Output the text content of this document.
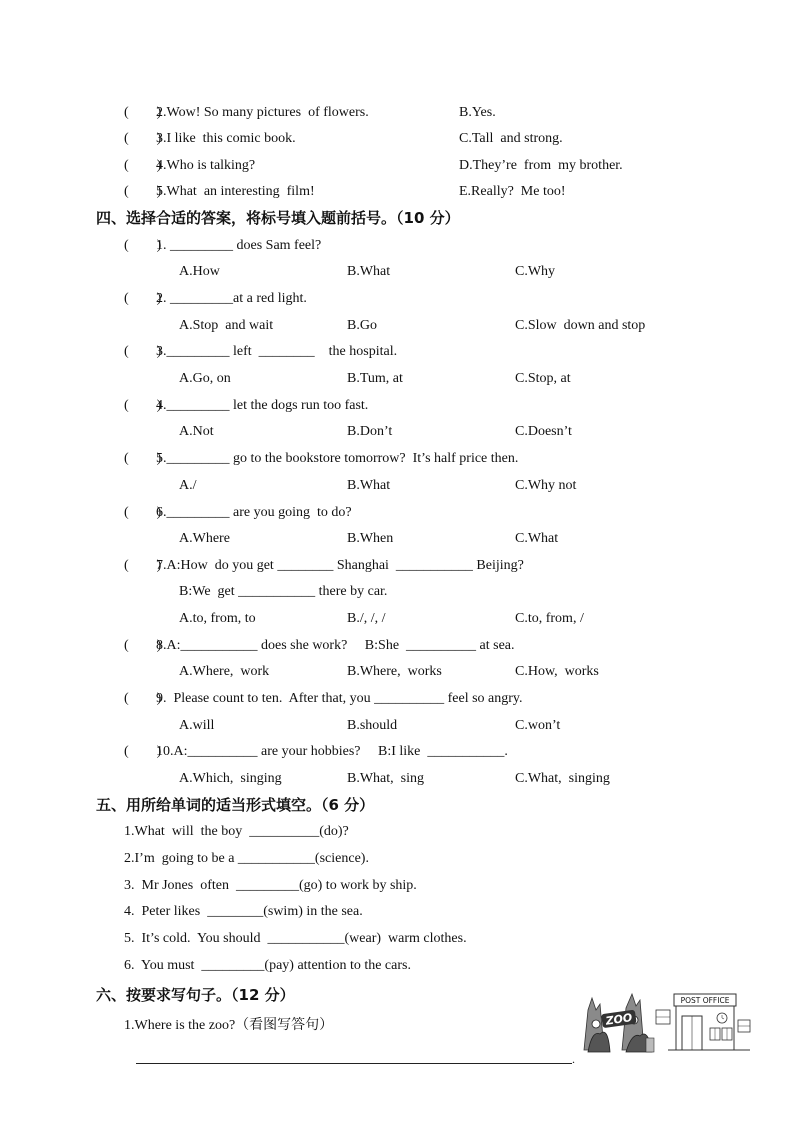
(        )
2.Wow! So many pictures  of flowers.	B.Yes.
(        )
3.I like  this comic book.	C.Tall  and strong.
(        )
4.Who is talking?	D.They’re  from  my brother.
(        )
5.What  an interesting  film!	E.Really?  Me too!
四、选择合适的答案，将标号填入题前括号。（10 分）
(        )
1. _________ does Sam feel?
A.How	B.What	C.Why
(        )
2. _________at a red light.
A.Stop  and wait	B.Go	C.Slow  down and stop
(        )
3._________ left  ________    the hospital.
A.Go, on	B.Tum, at	C.Stop, at
(        )
4._________ let the dogs run too fast.
A.Not	B.Don’t	C.Doesn’t
(        )
5._________ go to the bookstore tomorrow?  It’s half price then.
A./	B.What	C.Why not
(        )
6._________ are you going  to do?
A.Where	B.When	C.What
(        )
7.A:How  do you get ________ Shanghai  ___________ Beijing?
B:We  get ___________ there by car.
A.to, from, to	B./, /, /	C.to, from, /
(        )
8.A:___________ does she work?     B:She  __________ at sea.
A.Where,  work	B.Where,  works	C.How,  works
(        )
9.  Please count to ten.  After that, you __________ feel so angry.
A.will	B.should	C.won’t
(        )
10.A:__________ are your hobbies?     B:I like  ___________.
A.Which,  singing	B.What,  sing	C.What,  singing
五、用所给单词的适当形式填空。（6 分）
1.What  will  the boy  __________(do)?
2.I’m  going to be a ___________(science).
3.  Mr Jones  often  _________(go) to work by ship.
4.  Peter likes  ________(swim) in the sea.
5.  It’s cold.  You should  ___________(wear)  warm clothes.
6.  You must  _________(pay) attention to the cars.
六、按要求写句子。（12 分）
1.Where is the zoo?（看图写答句）
.
ZOO
POST OFFICE
